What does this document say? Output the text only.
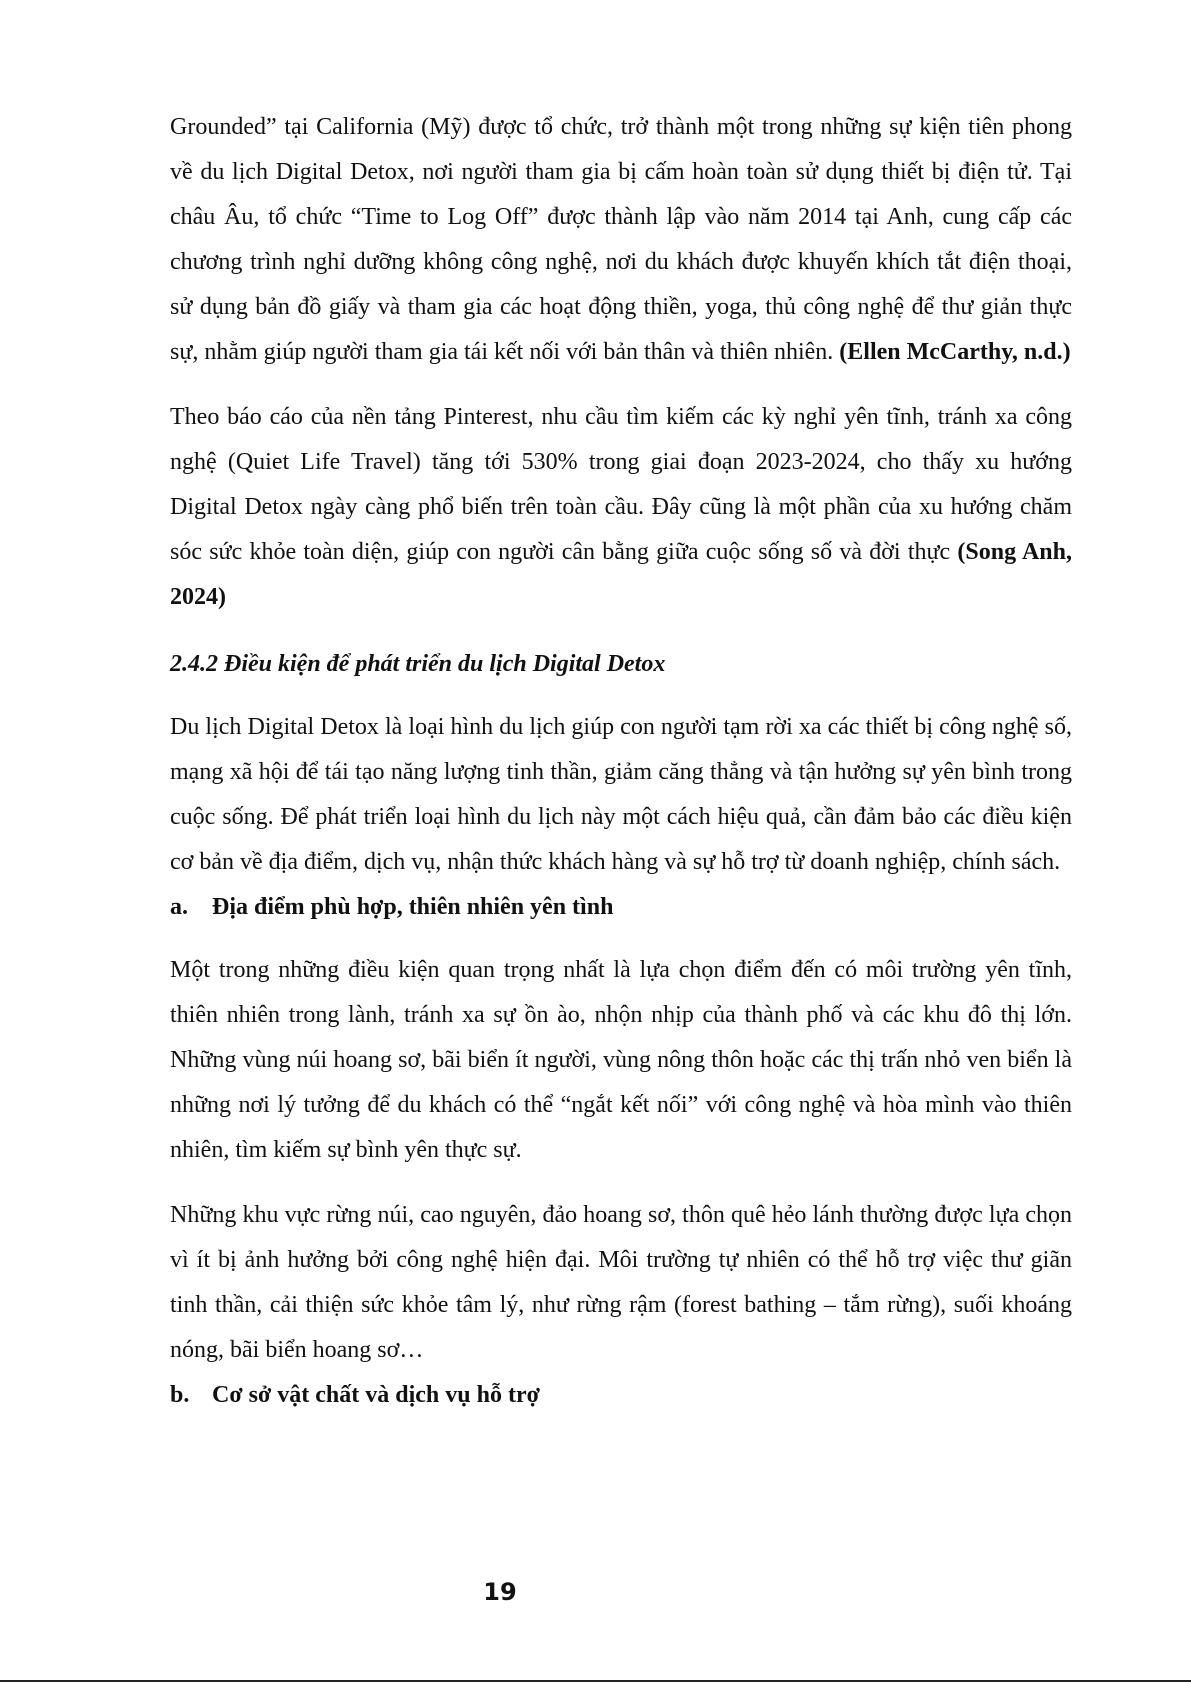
Grounded” tại California (Mỹ) được tổ chức, trở thành một trong những sự kiện tiên phong về du lịch Digital Detox, nơi người tham gia bị cấm hoàn toàn sử dụng thiết bị điện tử. Tại châu Âu, tổ chức “Time to Log Off” được thành lập vào năm 2014 tại Anh, cung cấp các chương trình nghỉ dưỡng không công nghệ, nơi du khách được khuyến khích tắt điện thoại, sử dụng bản đồ giấy và tham gia các hoạt động thiền, yoga, thủ công nghệ để thư giản thực sự, nhằm giúp người tham gia tái kết nối với bản thân và thiên nhiên. (Ellen McCarthy, n.d.)

Theo báo cáo của nền tảng Pinterest, nhu cầu tìm kiếm các kỳ nghỉ yên tĩnh, tránh xa công nghệ (Quiet Life Travel) tăng tới 530% trong giai đoạn 2023-2024, cho thấy xu hướng Digital Detox ngày càng phổ biến trên toàn cầu. Đây cũng là một phần của xu hướng chăm sóc sức khỏe toàn diện, giúp con người cân bằng giữa cuộc sống số và đời thực (Song Anh, 2024)

2.4.2 Điều kiện để phát triển du lịch Digital Detox

Du lịch Digital Detox là loại hình du lịch giúp con người tạm rời xa các thiết bị công nghệ số, mạng xã hội để tái tạo năng lượng tinh thần, giảm căng thẳng và tận hưởng sự yên bình trong cuộc sống. Để phát triển loại hình du lịch này một cách hiệu quả, cần đảm bảo các điều kiện cơ bản về địa điểm, dịch vụ, nhận thức khách hàng và sự hỗ trợ từ doanh nghiệp, chính sách.

a.	Địa điểm phù hợp, thiên nhiên yên tình

Một trong những điều kiện quan trọng nhất là lựa chọn điểm đến có môi trường yên tĩnh, thiên nhiên trong lành, tránh xa sự ồn ào, nhộn nhịp của thành phố và các khu đô thị lớn. Những vùng núi hoang sơ, bãi biển ít người, vùng nông thôn hoặc các thị trấn nhỏ ven biển là những nơi lý tưởng để du khách có thể “ngắt kết nối” với công nghệ và hòa mình vào thiên nhiên, tìm kiếm sự bình yên thực sự.

Những khu vực rừng núi, cao nguyên, đảo hoang sơ, thôn quê hẻo lánh thường được lựa chọn vì ít bị ảnh hưởng bởi công nghệ hiện đại. Môi trường tự nhiên có thể hỗ trợ việc thư giãn tinh thần, cải thiện sức khỏe tâm lý, như rừng rậm (forest bathing – tắm rừng), suối khoáng nóng, bãi biển hoang sơ…

b. Cơ sở vật chất và dịch vụ hỗ trợ
19
